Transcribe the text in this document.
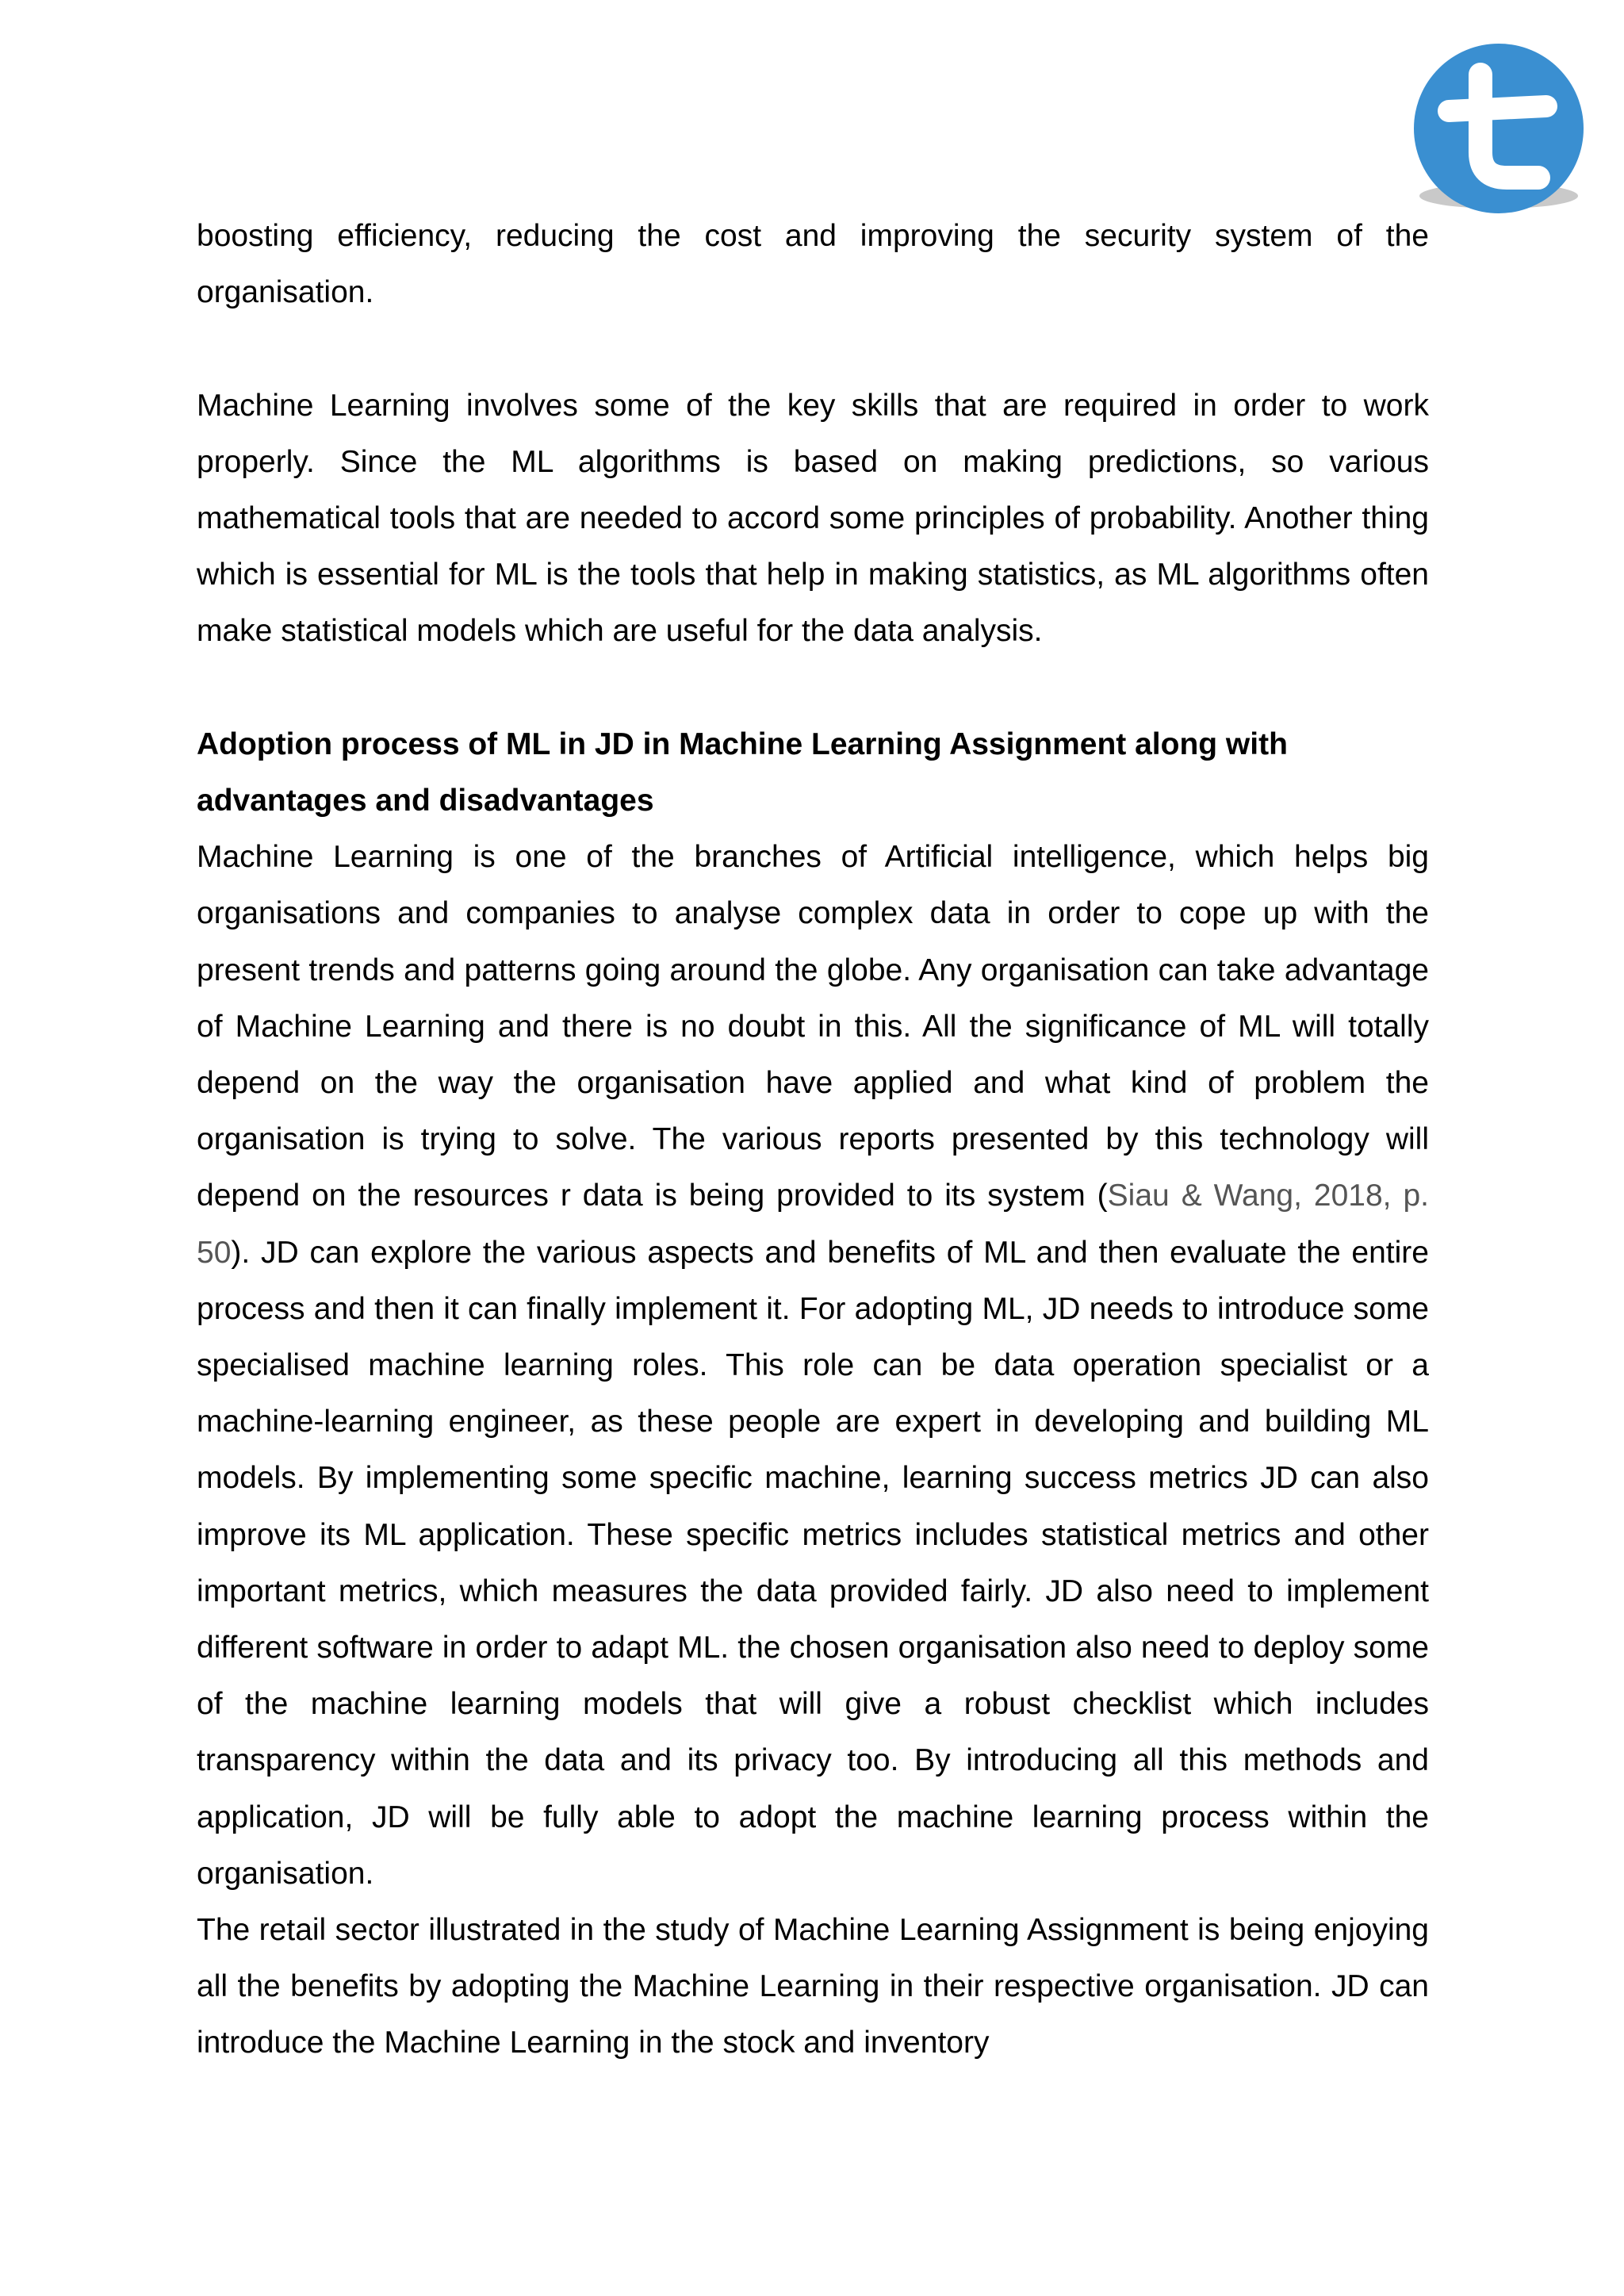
boosting efficiency, reducing the cost and improving the security system of the organisation.

Machine Learning involves some of the key skills that are required in order to work properly. Since the ML algorithms is based on making predictions, so various mathematical tools that are needed to accord some principles of probability. Another thing which is essential for ML is the tools that help in making statistics, as ML algorithms often make statistical models which are useful for the data analysis.

Adoption process of ML in JD in Machine Learning Assignment along with advantages and disadvantages

Machine Learning is one of the branches of Artificial intelligence, which helps big organisations and companies to analyse complex data in order to cope up with the present trends and patterns going around the globe. Any organisation can take advantage of Machine Learning and there is no doubt in this. All the significance of ML will totally depend on the way the organisation have applied and what kind of problem the organisation is trying to solve. The various reports presented by this technology will depend on the resources r data is being provided to its system (Siau & Wang, 2018, p. 50). JD can explore the various aspects and benefits of ML and then evaluate the entire process and then it can finally implement it. For adopting ML, JD needs to introduce some specialised machine learning roles. This role can be data operation specialist or a machine-learning engineer, as these people are expert in developing and building ML models. By implementing some specific machine, learning success metrics JD can also improve its ML application. These specific metrics includes statistical metrics and other important metrics, which measures the data provided fairly. JD also need to implement different software in order to adapt ML. the chosen organisation also need to deploy some of the machine learning models that will give a robust checklist which includes transparency within the data and its privacy too. By introducing all this methods and application, JD will be fully able to adopt the machine learning process within the organisation.

The retail sector illustrated in the study of Machine Learning Assignment is being enjoying all the benefits by adopting the Machine Learning in their respective organisation. JD can introduce the Machine Learning in the stock and inventory
